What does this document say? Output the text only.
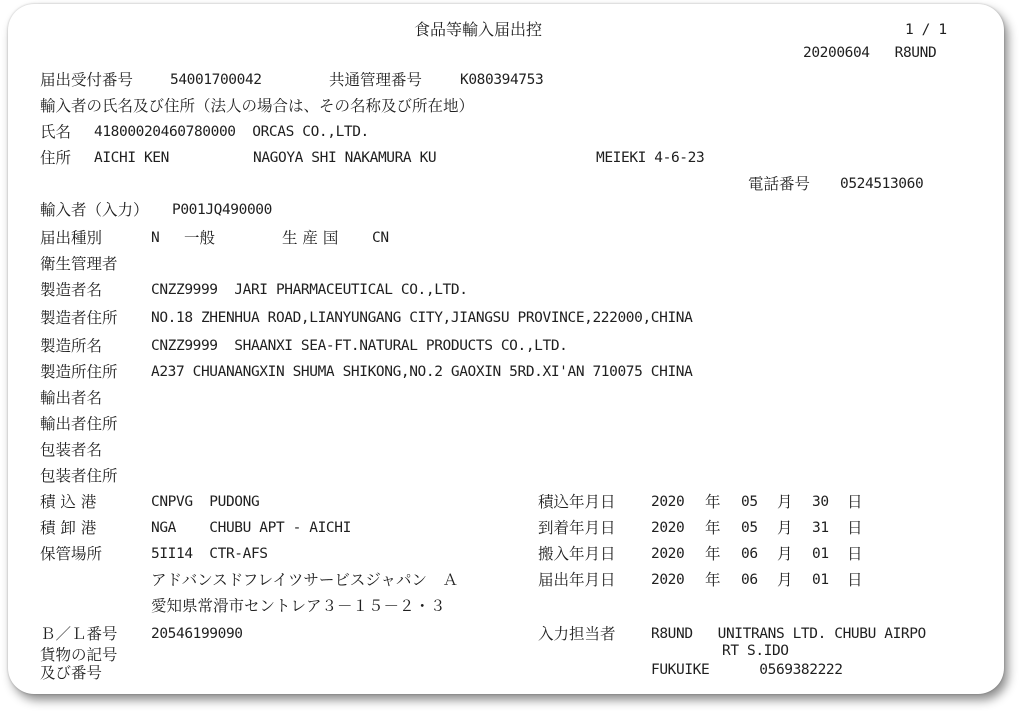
食品等輸入届出控	1 / 1
20200604   R8UND
届出受付番号	54001700042	共通管理番号	K080394753
輸入者の氏名及び住所（法人の場合は、その名称及び所在地）
氏名 41800020460780000  ORCAS CO.,LTD.
住所 AICHI KEN	NAGOYA SHI NAKAMURA KU	MEIEKI 4-6-23
電話番号 0524513060
輸入者（入力） P001JQ490000
届出種別	N 一般	生 産 国 CN
衛生管理者
製造者名	CNZZ9999  JARI PHARMACEUTICAL CO.,LTD.
製造者住所 NO.18 ZHENHUA ROAD,LIANYUNGANG CITY,JIANGSU PROVINCE,222000,CHINA
製造所名	CNZZ9999  SHAANXI SEA-FT.NATURAL PRODUCTS CO.,LTD.
製造所住所 A237 CHUANANGXIN SHUMA SHIKONG,NO.2 GAOXIN 5RD.XI'AN 710075 CHINA
輸出者名
輸出者住所
包装者名
包装者住所
積 込 港	CNPVG  PUDONG
積 卸 港	NGA    CHUBU APT - AICHI
保管場所	5II14  CTR-AFS
アドバンスドフレイツサービスジャパン　Ａ
愛知県常滑市セントレア３－１５－２・３
積込年月日 2020 年 05 月 30 日
到着年月日 2020 年 05 月 31 日
搬入年月日 2020 年 06 月 01 日
届出年月日 2020 年 06 月 01 日
Ｂ／Ｌ番号 20546199090
貨物の記号
及び番号
入力担当者 R8UND   UNITRANS LTD. CHUBU AIRPO
RT S.IDO
FUKUIKE      0569382222
